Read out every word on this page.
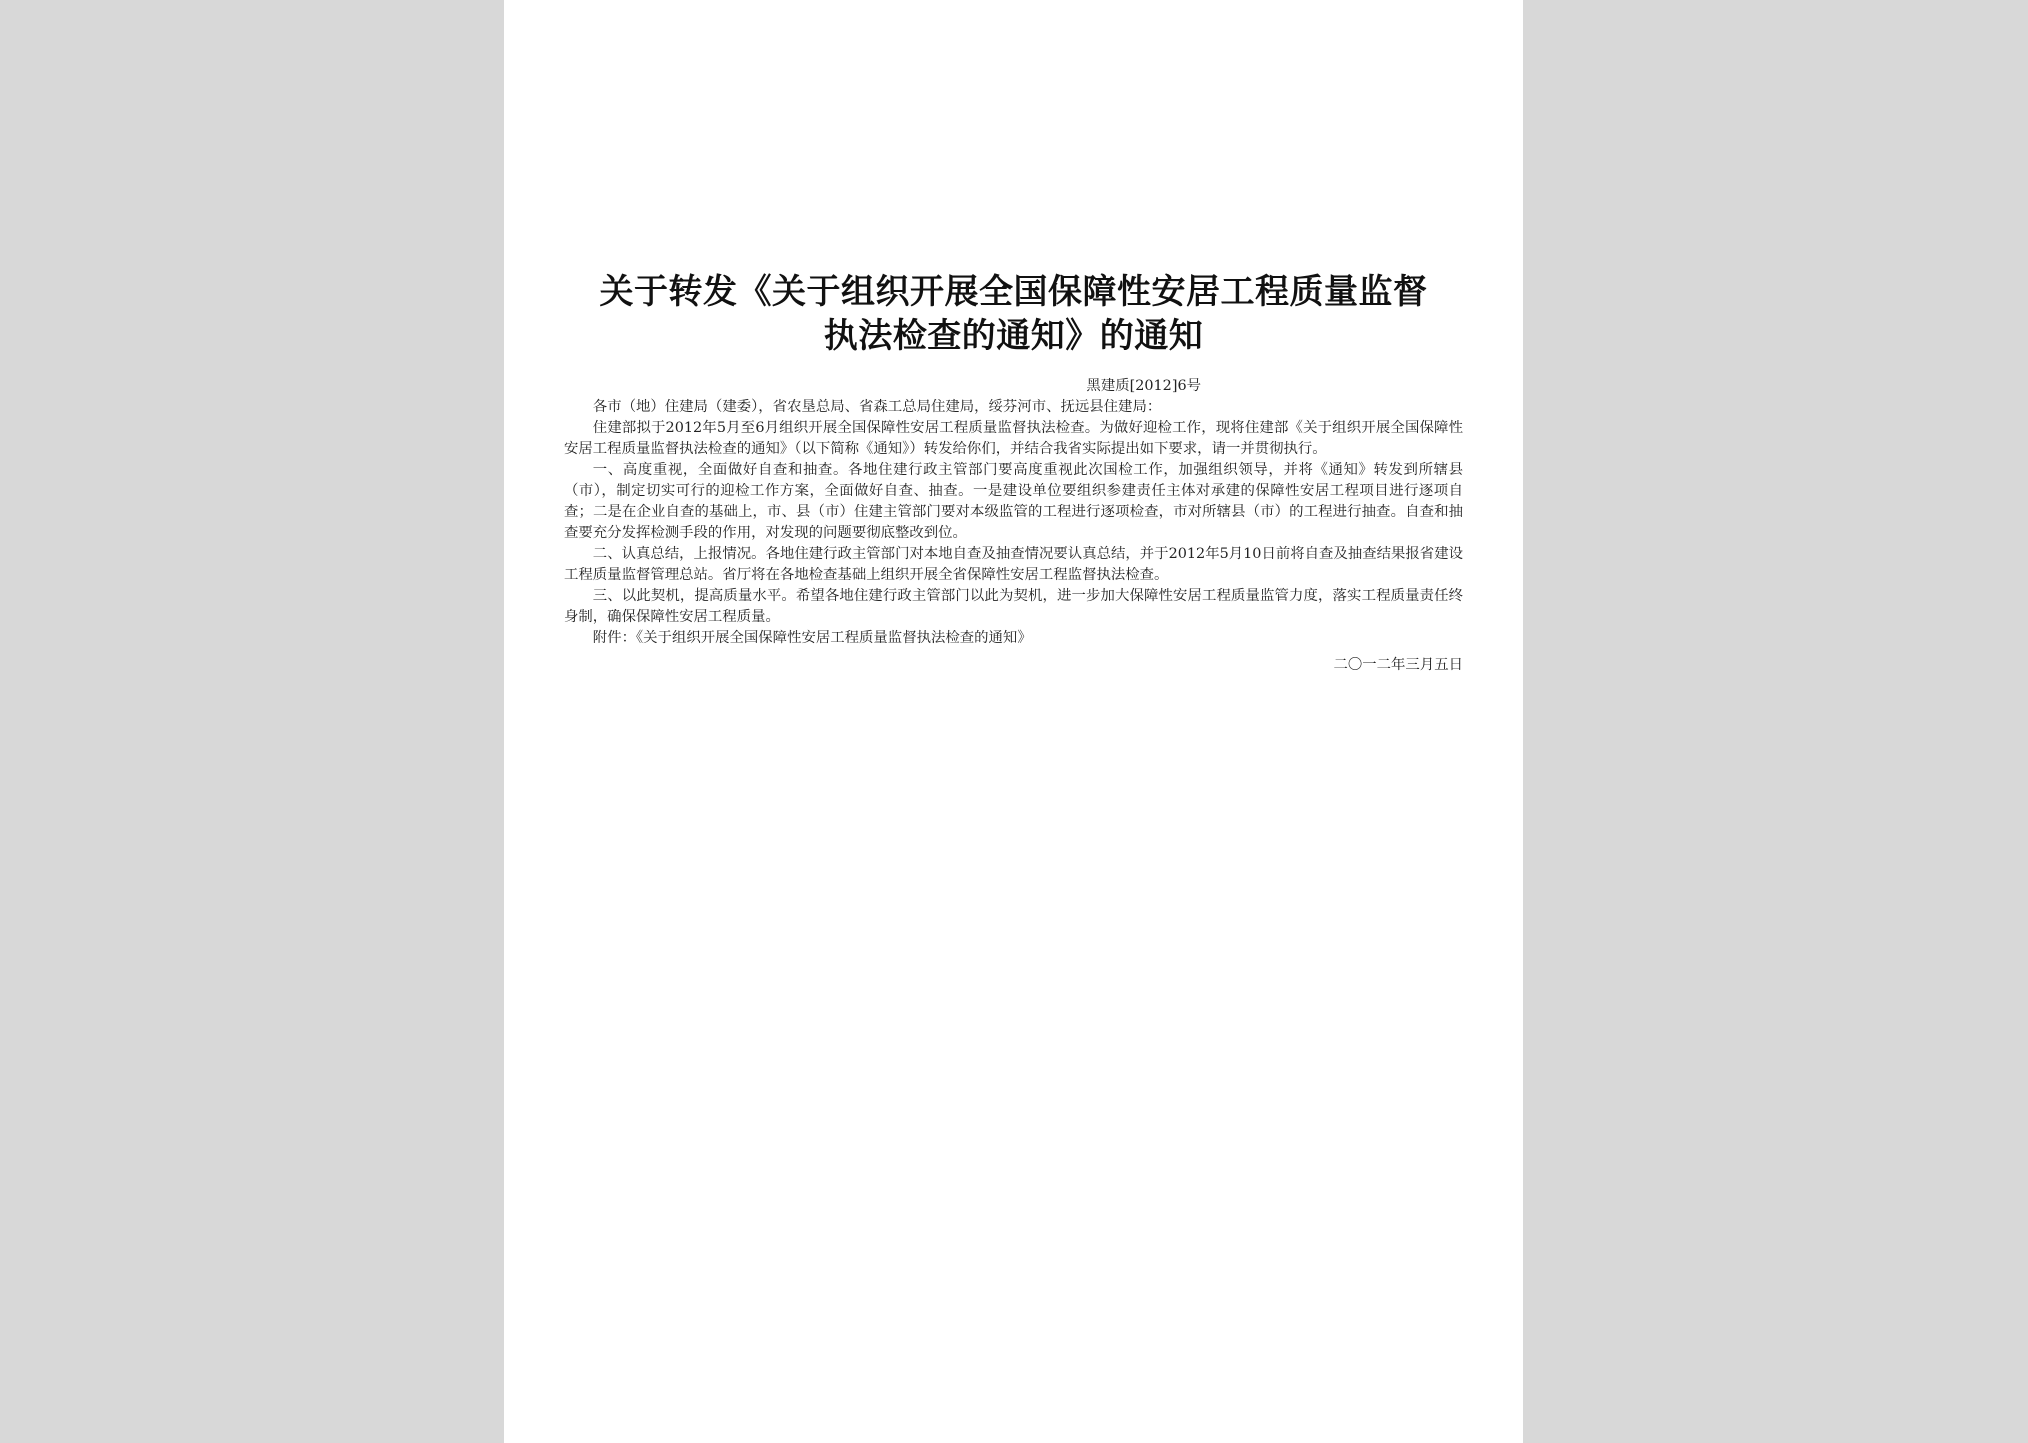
关于转发《关于组织开展全国保障性安居工程质量监督
执法检查的通知》的通知
黑建质[2012]6号

各市（地）住建局（建委），省农垦总局、省森工总局住建局，绥芬河市、抚远县住建局：

住建部拟于2012年5月至6月组织开展全国保障性安居工程质量监督执法检查。为做好迎检工作，现将住建部《关于组织开展全国保障性安居工程质量监督执法检查的通知》（以下简称《通知》）转发给你们，并结合我省实际提出如下要求，请一并贯彻执行。

一、高度重视，全面做好自查和抽查。各地住建行政主管部门要高度重视此次国检工作，加强组织领导，并将《通知》转发到所辖县（市），制定切实可行的迎检工作方案，全面做好自查、抽查。一是建设单位要组织参建责任主体对承建的保障性安居工程项目进行逐项自查；二是在企业自查的基础上，市、县（市）住建主管部门要对本级监管的工程进行逐项检查，市对所辖县（市）的工程进行抽查。自查和抽查要充分发挥检测手段的作用，对发现的问题要彻底整改到位。

二、认真总结，上报情况。各地住建行政主管部门对本地自查及抽查情况要认真总结，并于2012年5月10日前将自查及抽查结果报省建设工程质量监督管理总站。省厅将在各地检查基础上组织开展全省保障性安居工程监督执法检查。

三、以此契机，提高质量水平。希望各地住建行政主管部门以此为契机，进一步加大保障性安居工程质量监管力度，落实工程质量责任终身制，确保保障性安居工程质量。

附件：《关于组织开展全国保障性安居工程质量监督执法检查的通知》

二〇一二年三月五日
